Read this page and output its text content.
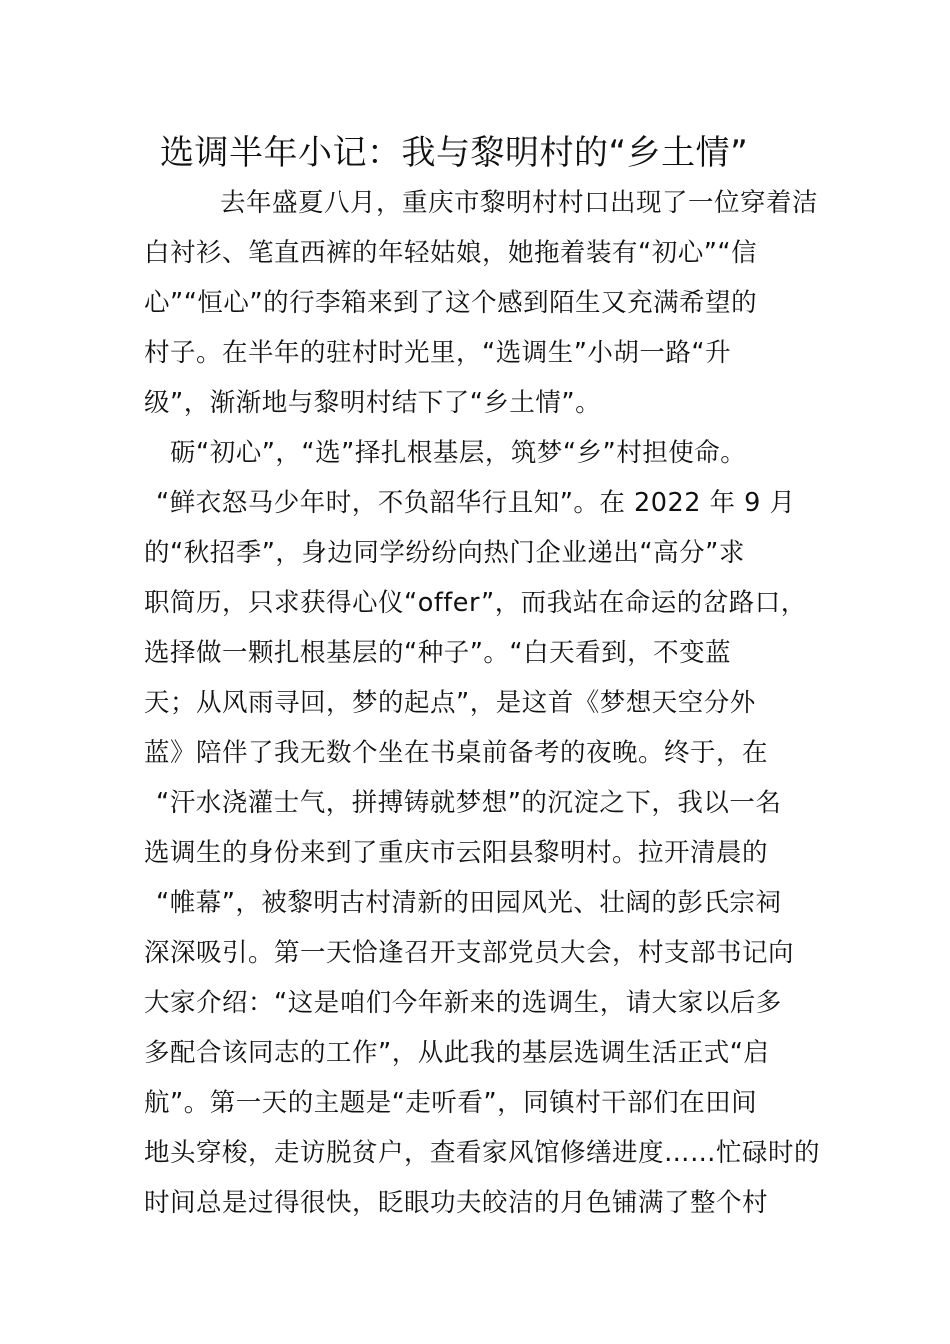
选调半年小记：我与黎明村的“乡土情”
去年盛夏八月，重庆市黎明村村口出现了一位穿着洁
白衬衫、笔直西裤的年轻姑娘，她拖着装有“初心”“信
心”“恒心”的行李箱来到了这个感到陌生又充满希望的
村子。在半年的驻村时光里，“选调生”小胡一路“升
级”，渐渐地与黎明村结下了“乡土情”。
砺“初心”，“选”择扎根基层，筑梦“乡”村担使命。
“鲜衣怒马少年时，不负韶华行且知”。在 2022 年 9 月
的“秋招季”，身边同学纷纷向热门企业递出“高分”求
职简历，只求获得心仪“offer”，而我站在命运的岔路口，
选择做一颗扎根基层的“种子”。“白天看到，不变蓝
天；从风雨寻回，梦的起点”，是这首《梦想天空分外
蓝》陪伴了我无数个坐在书桌前备考的夜晚。终于，在
“汗水浇灌士气，拼搏铸就梦想”的沉淀之下，我以一名
选调生的身份来到了重庆市云阳县黎明村。拉开清晨的
“帷幕”，被黎明古村清新的田园风光、壮阔的彭氏宗祠
深深吸引。第一天恰逢召开支部党员大会，村支部书记向
大家介绍：“这是咱们今年新来的选调生，请大家以后多
多配合该同志的工作”，从此我的基层选调生活正式“启
航”。第一天的主题是“走听看”，同镇村干部们在田间
地头穿梭，走访脱贫户，查看家风馆修缮进度……忙碌时的
时间总是过得很快，眨眼功夫皎洁的月色铺满了整个村
